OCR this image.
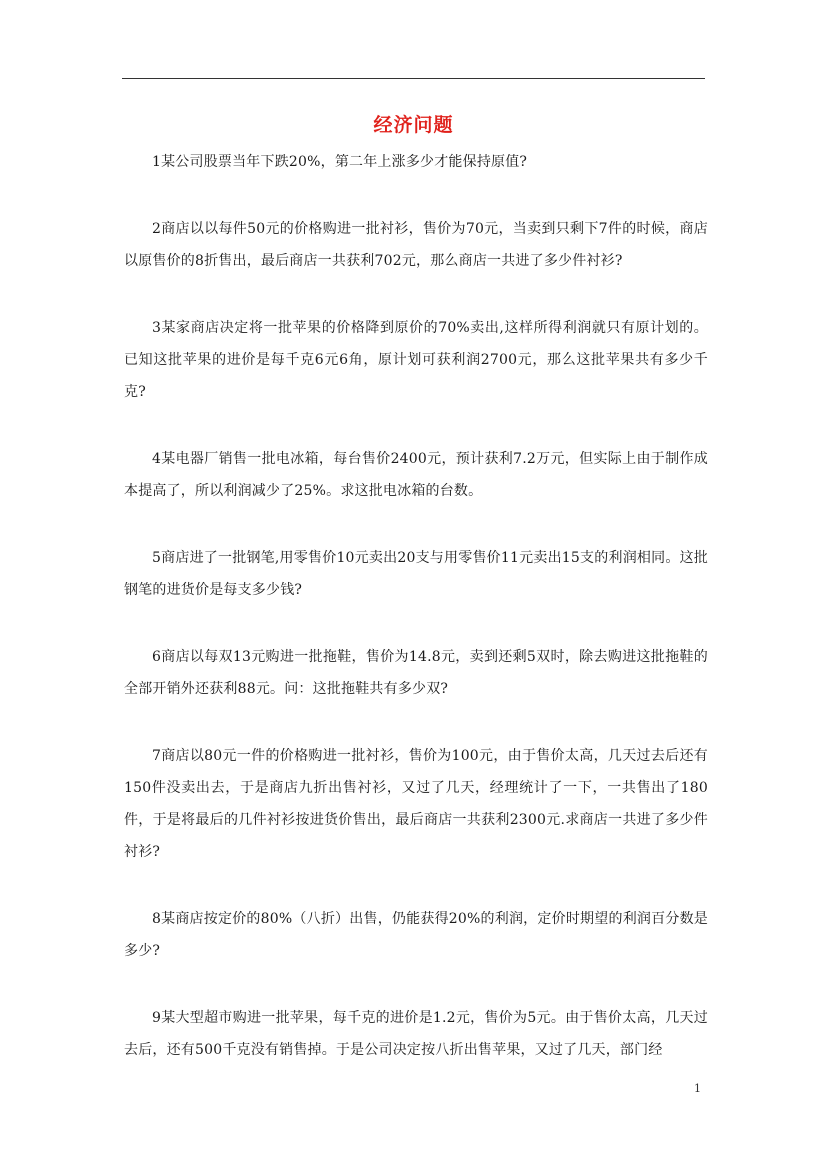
经济问题

1某公司股票当年下跌20%，第二年上涨多少才能保持原值?

2商店以以每件50元的价格购进一批衬衫，售价为70元，当卖到只剩下7件的时候，商店以原售价的8折售出，最后商店一共获利702元，那么商店一共进了多少件衬衫?

3某家商店决定将一批苹果的价格降到原价的70%卖出,这样所得利润就只有原计划的。已知这批苹果的进价是每千克6元6角，原计划可获利润2700元，那么这批苹果共有多少千克?

4某电器厂销售一批电冰箱，每台售价2400元，预计获利7.2万元，但实际上由于制作成本提高了，所以利润减少了25%。求这批电冰箱的台数。

5商店进了一批钢笔,用零售价10元卖出20支与用零售价11元卖出15支的利润相同。这批钢笔的进货价是每支多少钱?

6商店以每双13元购进一批拖鞋，售价为14.8元，卖到还剩5双时，除去购进这批拖鞋的全部开销外还获利88元。问：这批拖鞋共有多少双?

7商店以80元一件的价格购进一批衬衫，售价为100元，由于售价太高，几天过去后还有150件没卖出去，于是商店九折出售衬衫，又过了几天，经理统计了一下，一共售出了180件，于是将最后的几件衬衫按进货价售出，最后商店一共获利2300元.求商店一共进了多少件衬衫?

8某商店按定价的80%（八折）出售，仍能获得20%的利润，定价时期望的利润百分数是多少?

9某大型超市购进一批苹果，每千克的进价是1.2元，售价为5元。由于售价太高，几天过去后，还有500千克没有销售掉。于是公司决定按八折出售苹果，又过了几天，部门经

1
